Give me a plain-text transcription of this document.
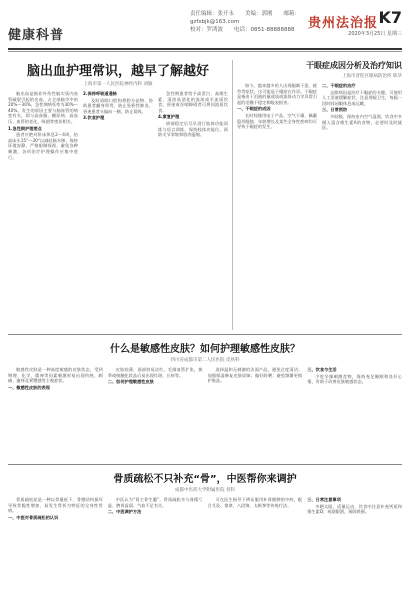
健康科普
责任编辑：张开永　　美编：郭刚　　邮箱：gzfxbjk@163.com
校对：罗鸿波　　电话：0851-88888888	贵州法治报 K7
2020年3月25日 星期三
脑出血护理常识，越早了解越好
上海市第一人民医院神经内科 刘敏

脑出血是指非外伤性脑实质内血管破裂引起的出血，占全部脑卒中的20%～30%，急性期病死率为30%～40%。发生的原因主要与脑血管的病变有关，即与高血脂、糖尿病、高血压、血管的老化、吸烟等密切相关。

1.急性期护理要点

患者应绝对卧床休息2～4周，抬高床头15°～30°以减轻脑水肿。保持环境安静，严格限制探视，避免各种刺激，各项治疗护理操作应集中进行。

2.保持呼吸道通畅

及时清除口腔和鼻腔分泌物，协助患者翻身叩背，防止坠积性肺炎。昏迷患者头偏向一侧，防止误吸。

3.饮食护理

急性期患者给予高蛋白、高维生素、清淡易消化的流质或半流质饮食，昏迷或吞咽障碍者可鼻饲流质饮食。

4.康复护理

病情稳定后尽早进行肢体功能训练与语言训练，保持肢体功能位，预防关节挛缩和肌肉萎缩。

干眼症成因分析及治疗知识
上海市普陀区眼病防治所 陈华

如今，越来越多的人出现眼睛干涩、疲劳等症状，这可能是干眼症在作祟。干眼症是指由于泪液的量或质或流体动力学异常引起的泪膜不稳定和眼表损害。

一、干眼症的成因

长时间使用电子产品、空气干燥、佩戴隐形眼镜、年龄增长及某些全身性疾病均可导致干眼症的发生。

二、干眼症的治疗

去除病因是治疗干眼症的关键。可使用人工泪液缓解症状，注意用眼卫生，每隔一段时间闭眼休息或远眺。

三、日常预防

多眨眼，保持室内空气湿润，饮食中多摄入富含维生素A的食物，必要时及时就医。

什么是敏感性皮肤？如何护理敏感性皮肤？
四川省成都市第二人民医院 皮肤科

敏感性皮肤是一种高度敏感的皮肤状态，受到物理、化学、精神等因素刺激时易出现灼热、刺痛、瘙痒及紧绷感等主观症状。

一、敏感性皮肤的表现

皮肤较薄，面部容易泛红，毛细血管扩张，换季或接触化妆品后易出现红斑、丘疹等。

二、如何护理敏感性皮肤

选择温和无刺激的洁面产品，避免过度清洁；加强保湿修复皮肤屏障；做好防晒；避免频繁更换护肤品。

三、饮食与生活

少吃辛辣刺激食物，保持充足睡眠和良好心情，有助于改善皮肤敏感状态。

骨质疏松不只补充“骨”，中医帮你来调护
成都中医药大学附属医院 骨科

骨质疏松症是一种以骨量低下、骨微结构损坏导致骨脆性增加、易发生骨折为特征的全身性骨病。

一、中医对骨质疏松的认识

中医认为“肾主骨生髓”，骨质疏松多与肾精亏虚、脾胃虚弱、气血不足有关。

二、中医调护方法

可在医生指导下辨证服用补肾健脾的中药，配合艾灸、推拿、八段锦、太极拳等传统疗法。

三、日常注意事项

多晒太阳，适量运动，饮食中注意补充钙质和维生素D，戒烟限酒，预防跌倒。
